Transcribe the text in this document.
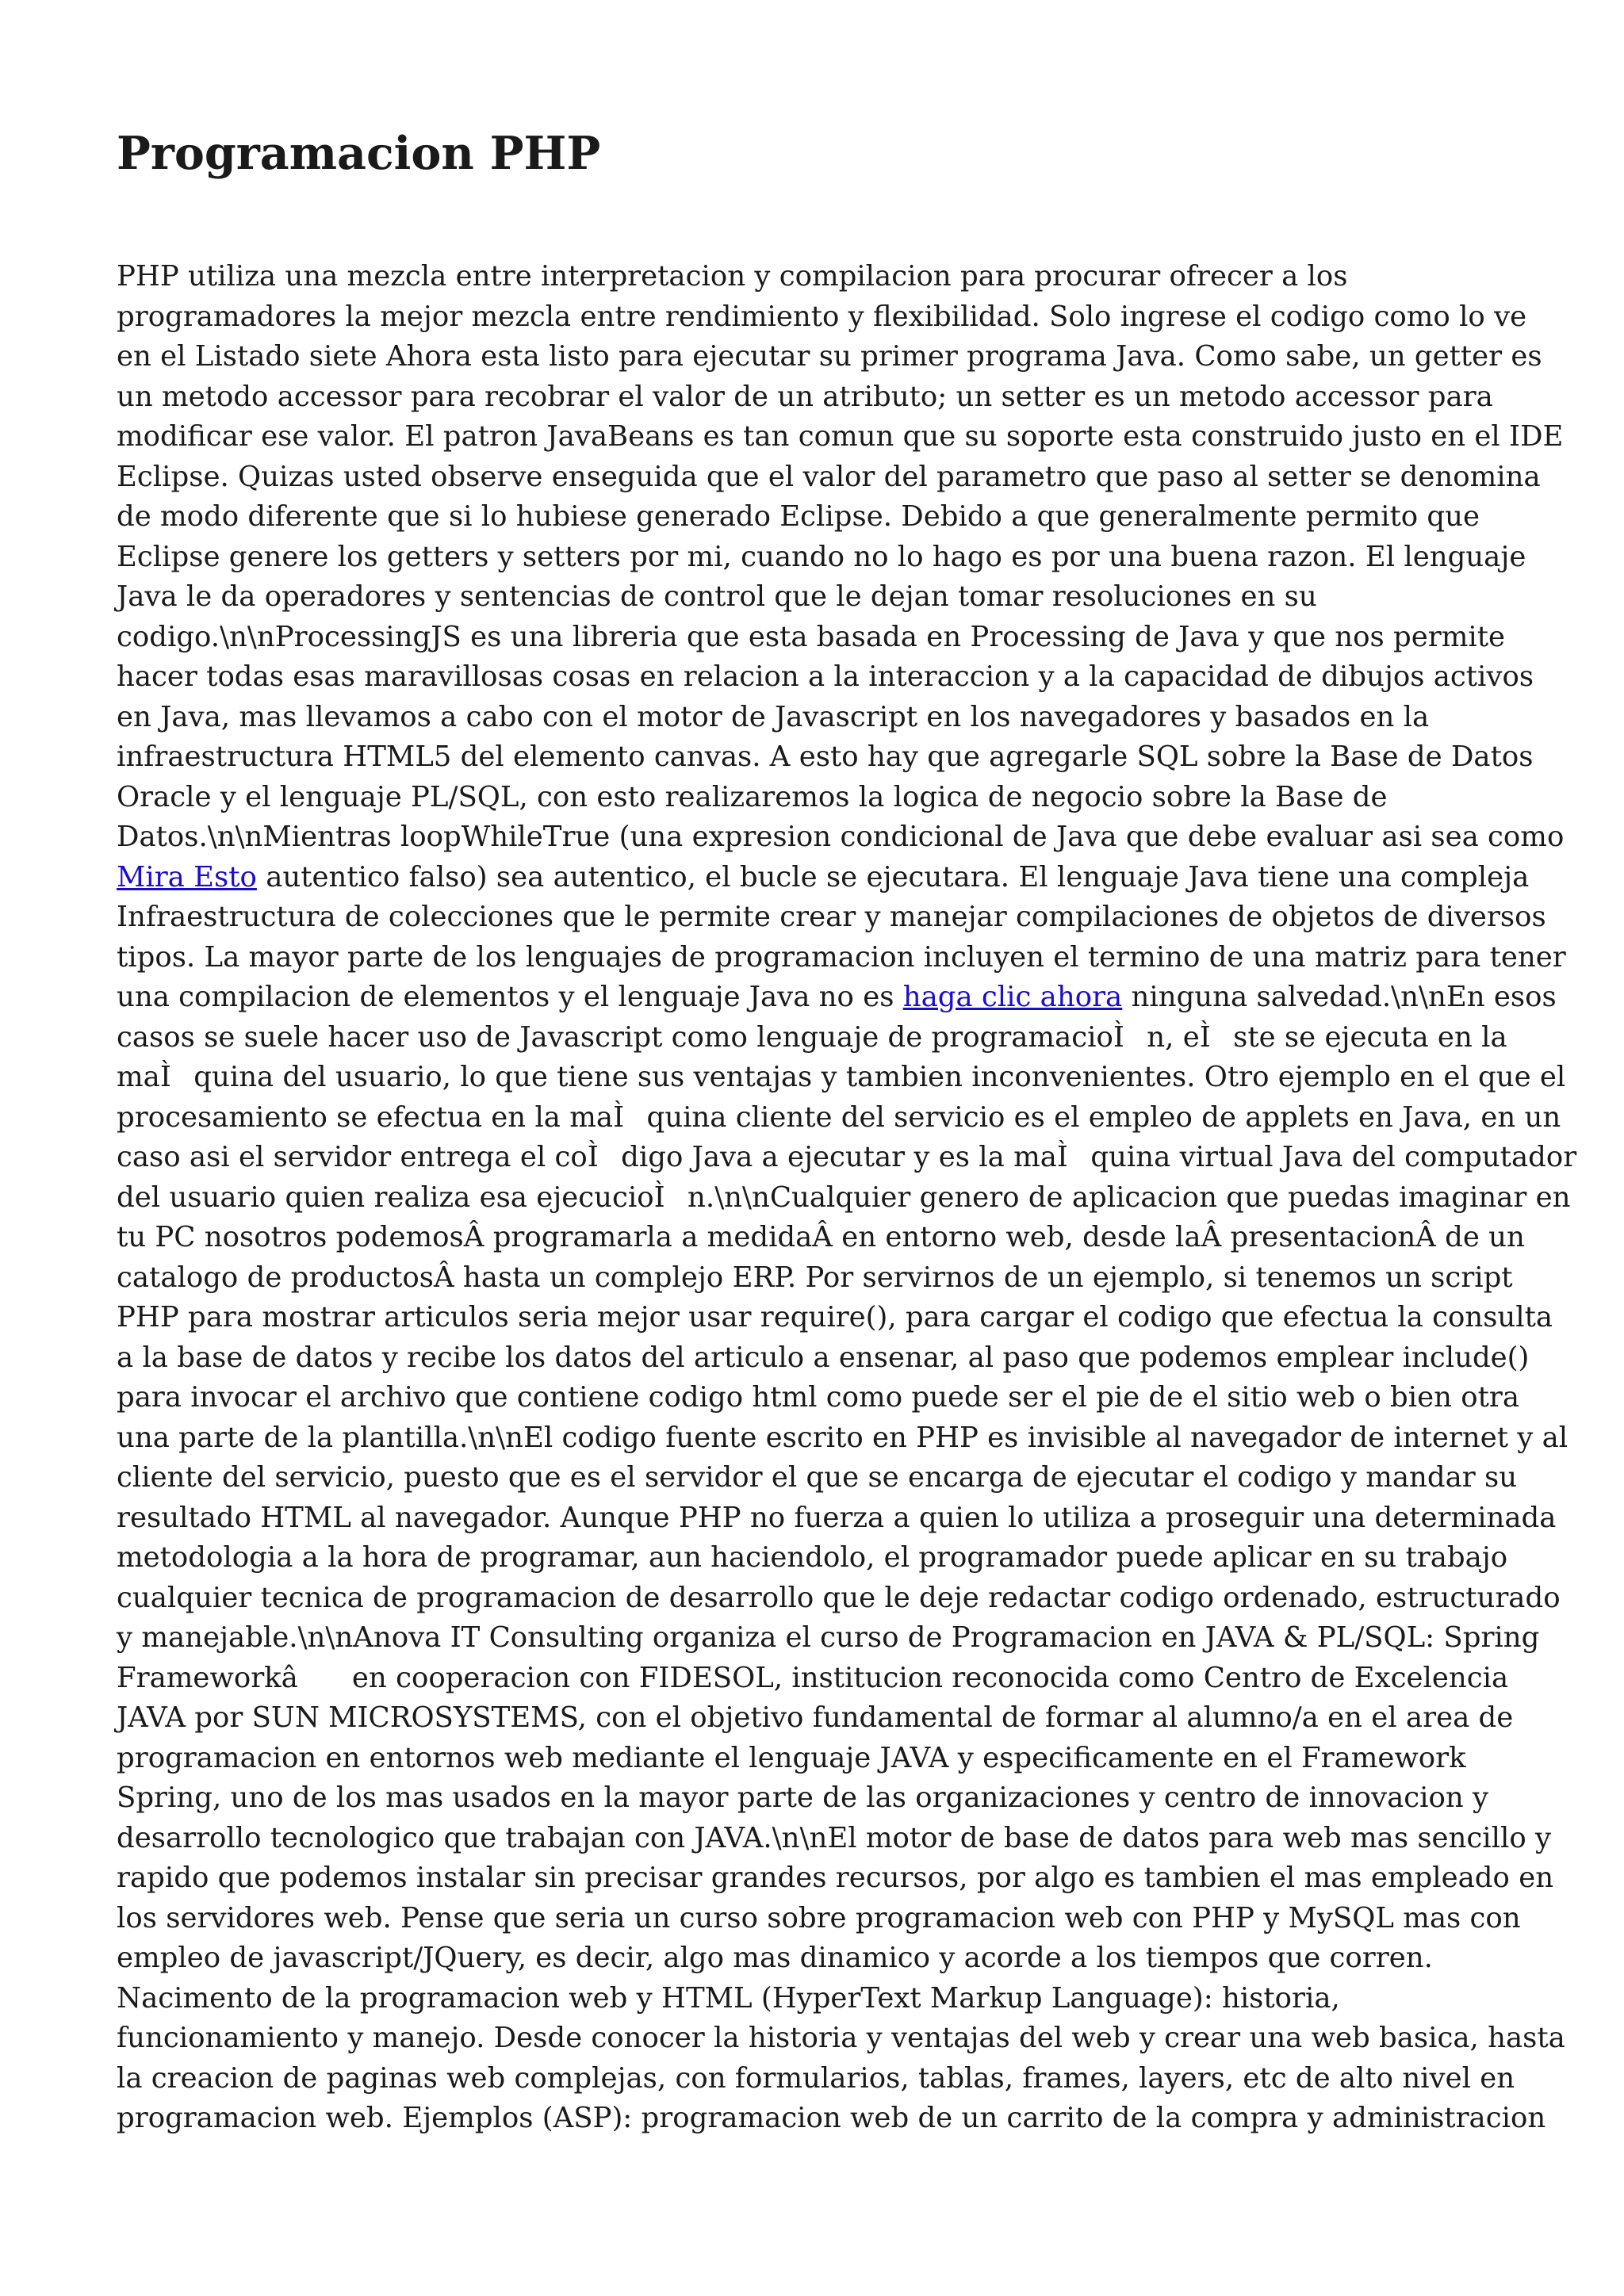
Programacion PHP
PHP utiliza una mezcla entre interpretacion y compilacion para procurar ofrecer a los
programadores la mejor mezcla entre rendimiento y flexibilidad. Solo ingrese el codigo como lo ve
en el Listado siete Ahora esta listo para ejecutar su primer programa Java. Como sabe, un getter es
un metodo accessor para recobrar el valor de un atributo; un setter es un metodo accessor para
modificar ese valor. El patron JavaBeans es tan comun que su soporte esta construido justo en el IDE
Eclipse. Quizas usted observe enseguida que el valor del parametro que paso al setter se denomina
de modo diferente que si lo hubiese generado Eclipse. Debido a que generalmente permito que
Eclipse genere los getters y setters por mi, cuando no lo hago es por una buena razon. El lenguaje
Java le da operadores y sentencias de control que le dejan tomar resoluciones en su
codigo.\n\nProcessingJS es una libreria que esta basada en Processing de Java y que nos permite
hacer todas esas maravillosas cosas en relacion a la interaccion y a la capacidad de dibujos activos
en Java, mas llevamos a cabo con el motor de Javascript en los navegadores y basados en la
infraestructura HTML5 del elemento canvas. A esto hay que agregarle SQL sobre la Base de Datos
Oracle y el lenguaje PL/SQL, con esto realizaremos la logica de negocio sobre la Base de
Datos.\n\nMientras loopWhileTrue (una expresion condicional de Java que debe evaluar asi sea como
Mira Esto autentico falso) sea autentico, el bucle se ejecutara. El lenguaje Java tiene una compleja
Infraestructura de colecciones que le permite crear y manejar compilaciones de objetos de diversos
tipos. La mayor parte de los lenguajes de programacion incluyen el termino de una matriz para tener
una compilacion de elementos y el lenguaje Java no es haga clic ahora ninguna salvedad.\n\nEn esos
casos se suele hacer uso de Javascript como lenguaje de programacioÌn, eÌste se ejecuta en la
maÌquina del usuario, lo que tiene sus ventajas y tambien inconvenientes. Otro ejemplo en el que el
procesamiento se efectua en la maÌquina cliente del servicio es el empleo de applets en Java, en un
caso asi el servidor entrega el coÌdigo Java a ejecutar y es la maÌquina virtual Java del computador
del usuario quien realiza esa ejecucioÌn.\n\nCualquier genero de aplicacion que puedas imaginar en
tu PC nosotros podemosÂ programarla a medidaÂ en entorno web, desde laÂ presentacionÂ de un
catalogo de productosÂ hasta un complejo ERP. Por servirnos de un ejemplo, si tenemos un script
PHP para mostrar articulos seria mejor usar require(), para cargar el codigo que efectua la consulta
a la base de datos y recibe los datos del articulo a ensenar, al paso que podemos emplear include()
para invocar el archivo que contiene codigo html como puede ser el pie de el sitio web o bien otra
una parte de la plantilla.\n\nEl codigo fuente escrito en PHP es invisible al navegador de internet y al
cliente del servicio, puesto que es el servidor el que se encarga de ejecutar el codigo y mandar su
resultado HTML al navegador. Aunque PHP no fuerza a quien lo utiliza a proseguir una determinada
metodologia a la hora de programar, aun haciendolo, el programador puede aplicar en su trabajo
cualquier tecnica de programacion de desarrollo que le deje redactar codigo ordenado, estructurado
y manejable.\n\nAnova IT Consulting organiza el curso de Programacion en JAVA & PL/SQL: Spring
Frameworkâ en cooperacion con FIDESOL, institucion reconocida como Centro de Excelencia
JAVA por SUN MICROSYSTEMS, con el objetivo fundamental de formar al alumno/a en el area de
programacion en entornos web mediante el lenguaje JAVA y especificamente en el Framework
Spring, uno de los mas usados en la mayor parte de las organizaciones y centro de innovacion y
desarrollo tecnologico que trabajan con JAVA.\n\nEl motor de base de datos para web mas sencillo y
rapido que podemos instalar sin precisar grandes recursos, por algo es tambien el mas empleado en
los servidores web. Pense que seria un curso sobre programacion web con PHP y MySQL mas con
empleo de javascript/JQuery, es decir, algo mas dinamico y acorde a los tiempos que corren.
Nacimento de la programacion web y HTML (HyperText Markup Language): historia,
funcionamiento y manejo. Desde conocer la historia y ventajas del web y crear una web basica, hasta
la creacion de paginas web complejas, con formularios, tablas, frames, layers, etc de alto nivel en
programacion web. Ejemplos (ASP): programacion web de un carrito de la compra y administracion
